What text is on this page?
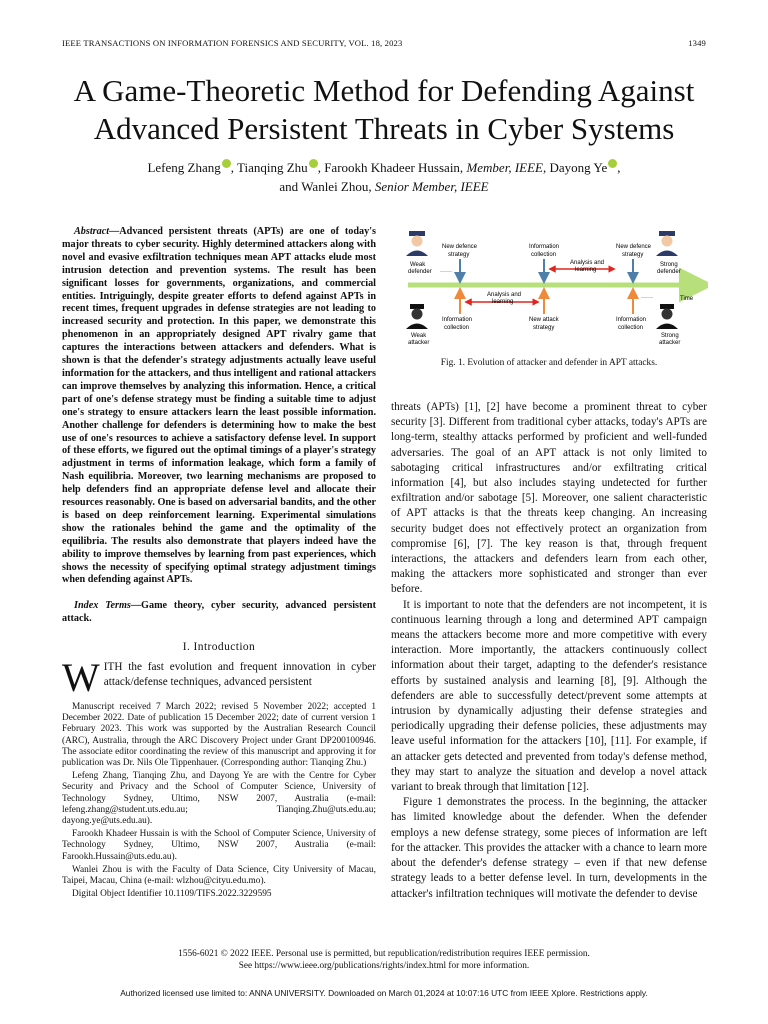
IEEE TRANSACTIONS ON INFORMATION FORENSICS AND SECURITY, VOL. 18, 2023	1349
A Game-Theoretic Method for Defending Against
Advanced Persistent Threats in Cyber Systems
Lefeng Zhang , Tianqing Zhu , Farookh Khadeer Hussain, Member, IEEE, Dayong Ye ,
and Wanlei Zhou, Senior Member, IEEE

Abstract—Advanced persistent threats (APTs) are one of today's major threats to cyber security. Highly determined attackers along with novel and evasive exfiltration techniques mean APT attacks elude most intrusion detection and prevention systems. The result has been significant losses for governments, organizations, and commercial entities. Intriguingly, despite greater efforts to defend against APTs in recent times, frequent upgrades in defense strategies are not leading to increased security and protection. In this paper, we demonstrate this phenomenon in an appropriately designed APT rivalry game that captures the interactions between attackers and defenders. What is shown is that the defender's strategy adjustments actually leave useful information for the attackers, and thus intelligent and rational attackers can improve themselves by analyzing this information. Hence, a critical part of one's defense strategy must be finding a suitable time to adjust one's strategy to ensure attackers learn the least possible information. Another challenge for defenders is determining how to make the best use of one's resources to achieve a satisfactory defense level. In support of these efforts, we figured out the optimal timings of a player's strategy adjustment in terms of information leakage, which form a family of Nash equilibria. Moreover, two learning mechanisms are proposed to help defenders find an appropriate defense level and allocate their resources reasonably. One is based on adversarial bandits, and the other is based on deep reinforcement learning. Experimental simulations show the rationales behind the game and the optimality of the equilibria. The results also demonstrate that players indeed have the ability to improve themselves by learning from past experiences, which shows the necessity of specifying optimal strategy adjustment timings when defending against APTs.

Index Terms—Game theory, cyber security, advanced persistent attack.

I. Introduction

WITH the fast evolution and frequent innovation in cyber attack/defense techniques, advanced persistent

Manuscript received 7 March 2022; revised 5 November 2022; accepted 1 December 2022. Date of publication 15 December 2022; date of current version 1 February 2023. This work was supported by the Australian Research Council (ARC), Australia, through the ARC Discovery Project under Grant DP200100946. The associate editor coordinating the review of this manuscript and approving it for publication was Dr. Nils Ole Tippenhauer. (Corresponding author: Tianqing Zhu.)

Lefeng Zhang, Tianqing Zhu, and Dayong Ye are with the Centre for Cyber Security and Privacy and the School of Computer Science, University of Technology Sydney, Ultimo, NSW 2007, Australia (e-mail: lefeng.zhang@student.uts.edu.au; Tianqing.Zhu@uts.edu.au; dayong.ye@uts.edu.au).

Farookh Khadeer Hussain is with the School of Computer Science, University of Technology Sydney, Ultimo, NSW 2007, Australia (e-mail: Farookh.Hussain@uts.edu.au).

Wanlei Zhou is with the Faculty of Data Science, City University of Macau, Taipei, Macau, China (e-mail: wlzhou@cityu.edu.mo).

Digital Object Identifier 10.1109/TIFS.2022.3229595

Weak
defender
Strong
defender
Weak
attacker
Strong
attacker
New defence
strategy
······
Information
collection
Analysis and
learning
New defence
strategy
······	Time
Information
collection
Analysis and
learning
New attack
strategy
Information
collection
Fig. 1. Evolution of attacker and defender in APT attacks.

threats (APTs) [1], [2] have become a prominent threat to cyber security [3]. Different from traditional cyber attacks, today's APTs are long-term, stealthy attacks performed by proficient and well-funded adversaries. The goal of an APT attack is not only limited to sabotaging critical infrastructures and/or exfiltrating critical information [4], but also includes staying undetected for further exfiltration and/or sabotage [5]. Moreover, one salient characteristic of APT attacks is that the threats keep changing. An increasing security budget does not effectively protect an organization from compromise [6], [7]. The key reason is that, through frequent interactions, the attackers and defenders learn from each other, making the attackers more sophisticated and stronger than ever before.

It is important to note that the defenders are not incompetent, it is continuous learning through a long and determined APT campaign means the attackers become more and more competitive with every interaction. More importantly, the attackers continuously collect information about their target, adapting to the defender's resistance efforts by sustained analysis and learning [8], [9]. Although the defenders are able to successfully detect/prevent some attempts at intrusion by dynamically adjusting their defense strategies and periodically upgrading their defense policies, these adjustments may leave useful information for the attackers [10], [11]. For example, if an attacker gets detected and prevented from today's defense method, they may start to analyze the situation and develop a novel attack variant to break through that limitation [12].

Figure 1 demonstrates the process. In the beginning, the attacker has limited knowledge about the defender. When the defender employs a new defense strategy, some pieces of information are left for the attacker. This provides the attacker with a chance to learn more about the defender's defense strategy – even if that new defense strategy leads to a better defense level. In turn, developments in the attacker's infiltration techniques will motivate the defender to devise

1556-6021 © 2022 IEEE. Personal use is permitted, but republication/redistribution requires IEEE permission.
See https://www.ieee.org/publications/rights/index.html for more information.
Authorized licensed use limited to: ANNA UNIVERSITY. Downloaded on March 01,2024 at 10:07:16 UTC from IEEE Xplore. Restrictions apply.
